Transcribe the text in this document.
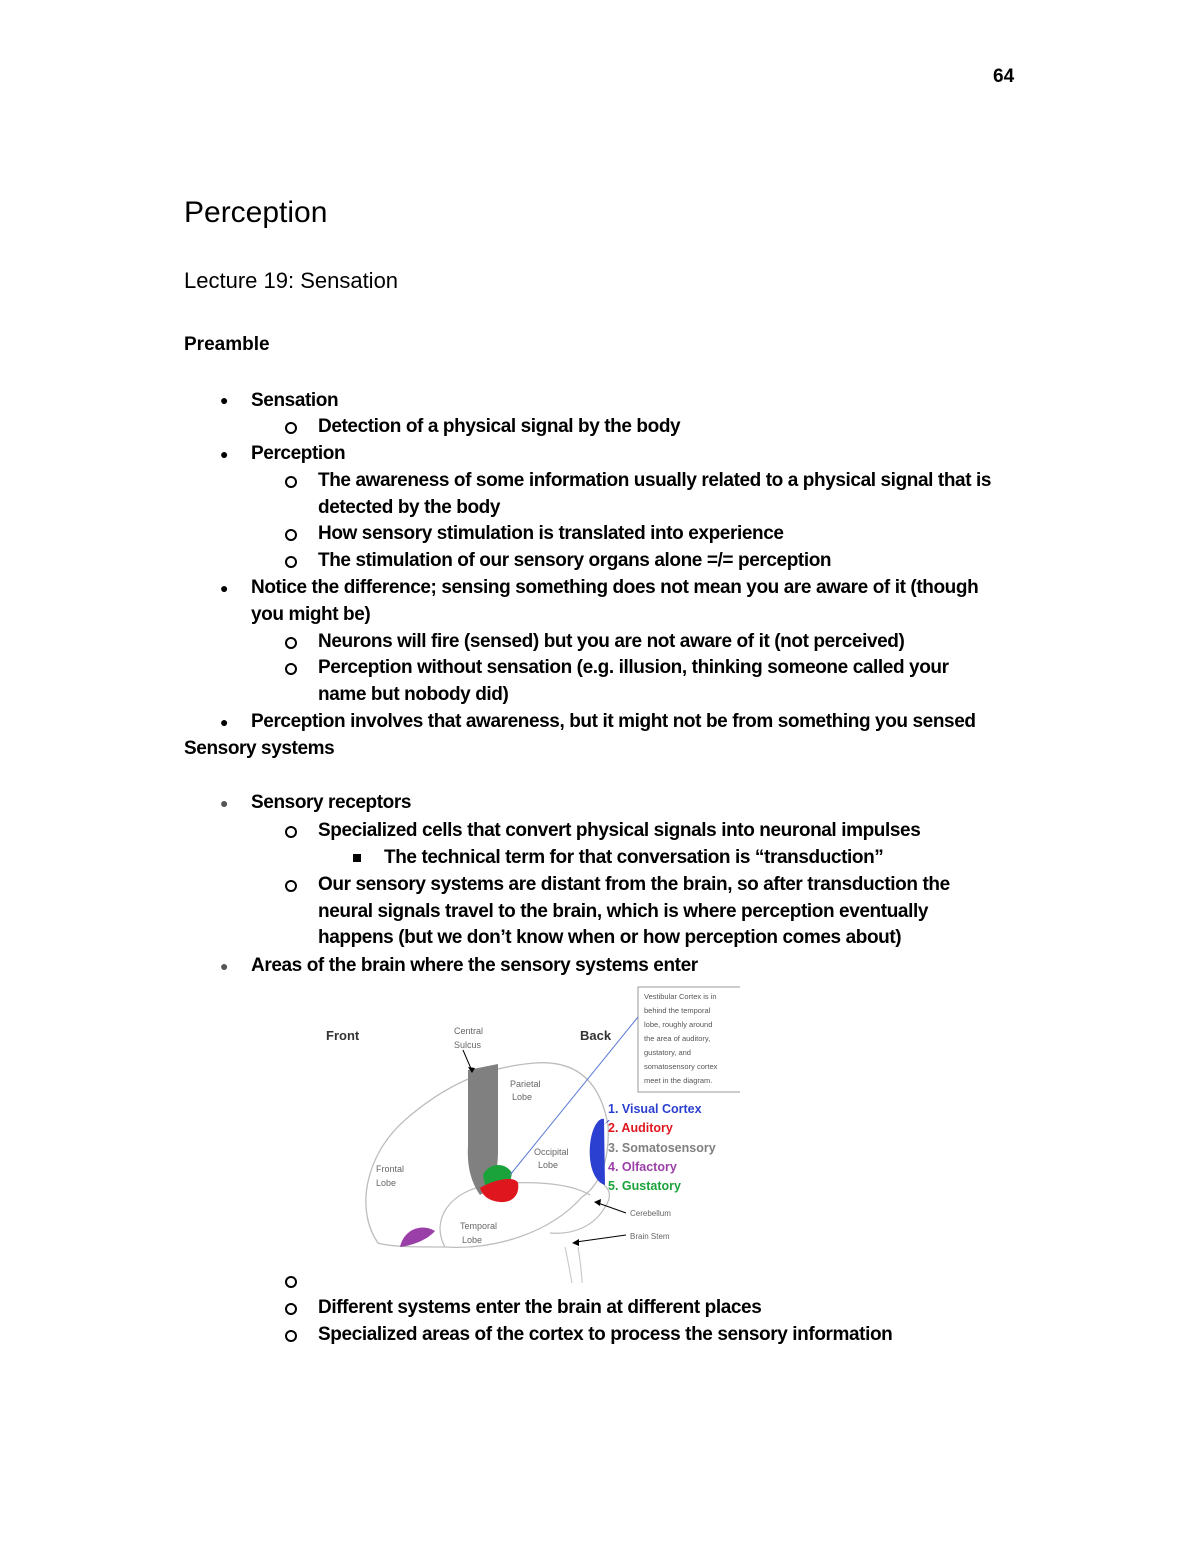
64
Perception
Lecture 19: Sensation
Preamble
● Sensation
Detection of a physical signal by the body
● Perception
The awareness of some information usually related to a physical signal that is
detected by the body
How sensory stimulation is translated into experience
The stimulation of our sensory organs alone =/= perception
● Notice the difference; sensing something does not mean you are aware of it (though
you might be)
Neurons will fire (sensed) but you are not aware of it (not perceived)
Perception without sensation (e.g. illusion, thinking someone called your
name but nobody did)
● Perception involves that awareness, but it might not be from something you sensed
Sensory systems
● Sensory receptors
Specialized cells that convert physical signals into neuronal impulses
The technical term for that conversation is “transduction”
Our sensory systems are distant from the brain, so after transduction the
neural signals travel to the brain, which is where perception eventually
happens (but we don’t know when or how perception comes about)
● Areas of the brain where the sensory systems enter
Front	Back
Central
Sulcus
Parietal
Lobe
Occipital
Lobe
Frontal
Lobe
Temporal
Lobe
Cerebellum
Brain Stem
Vestibular Cortex is in
behind the temporal
lobe, roughly around
the area of auditory,
gustatory, and
somatosensory cortex
meet in the diagram.
1. Visual Cortex
2. Auditory
3. Somatosensory
4. Olfactory
5. Gustatory
Different systems enter the brain at different places
Specialized areas of the cortex to process the sensory information
